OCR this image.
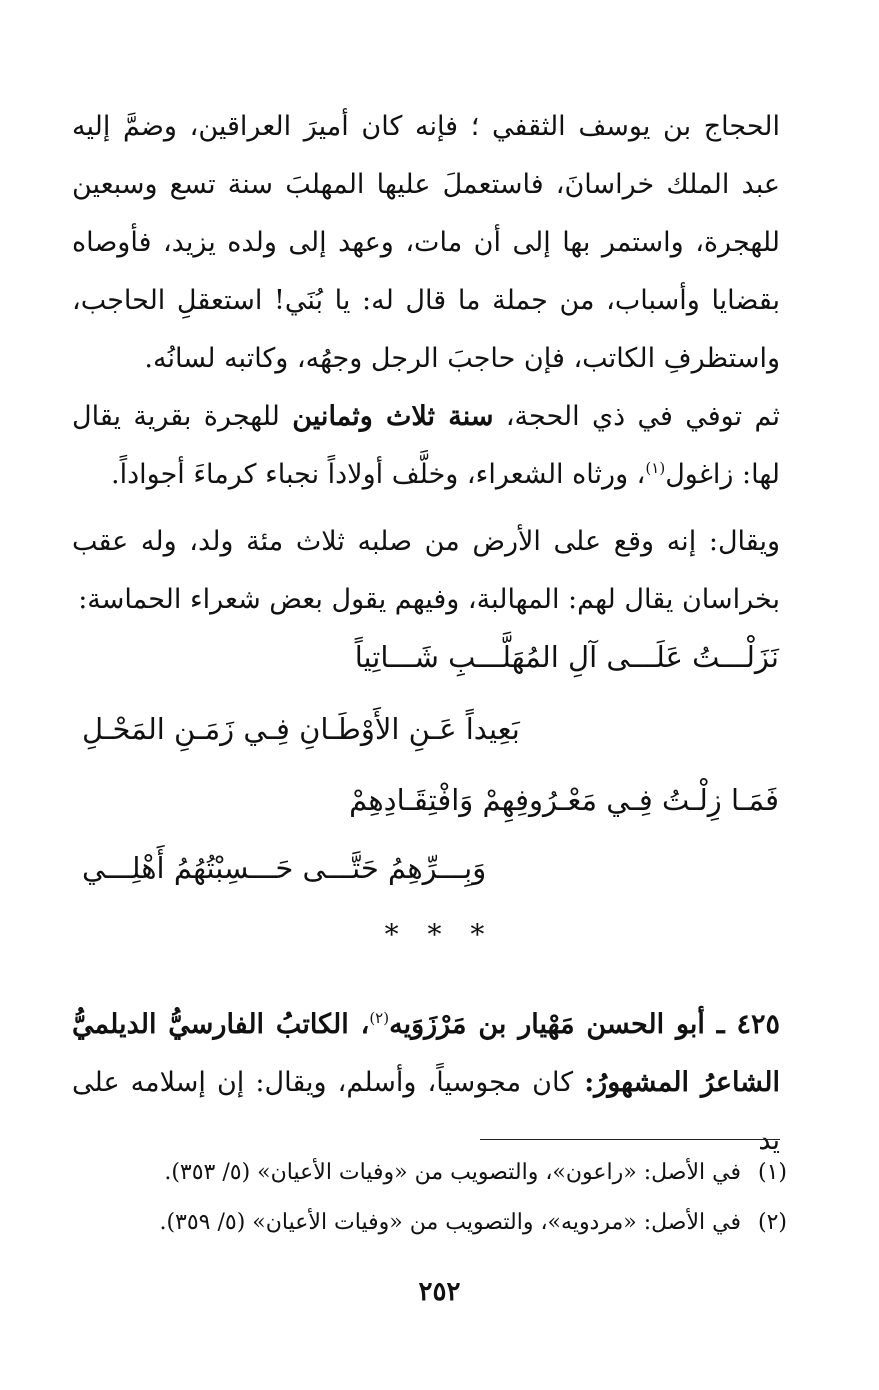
الحجاج بن يوسف الثقفي ؛ فإنه كان أميرَ العراقين، وضمَّ إليه عبد الملك خراسانَ، فاستعملَ عليها المهلبَ سنة تسع وسبعين للهجرة، واستمر بها إلى أن مات، وعهد إلى ولده يزيد، فأوصاه بقضايا وأسباب، من جملة ما قال له: يا بُنَي! استعقلِ الحاجب، واستظرفِ الكاتب، فإن حاجبَ الرجل وجهُه، وكاتبه لسانُه.

ثم توفي في ذي الحجة، سنة ثلاث وثمانين للهجرة بقرية يقال لها: زاغول$^{(١)}$، ورثاه الشعراء، وخلَّف أولاداً نجباء كرماءَ أجواداً.

ويقال: إنه وقع على الأرض من صلبه ثلاث مئة ولد، وله عقب بخراسان يقال لهم: المهالبة، وفيهم يقول بعض شعراء الحماسة:

نَزَلْـــتُ عَلَـــى آلِ المُهَلَّـــبِ شَـــاتِياً

بَعِيداً عَـنِ الأَوْطَـانِ فِـي زَمَـنِ المَحْـلِ

فَمَـا زِلْـتُ فِـي مَعْـرُوفِهِمْ وَافْتِقَـادِهِمْ

وَبِـــرِّهِمُ حَتَّـــى حَـــسِبْتُهُمُ أَهْلِـــي

* * *

٤٢٥ ـ أبو الحسن مَهْيار بن مَرْزَوَيه$^{(٢)}$، الكاتبُ الفارسيُّ الديلميُّ الشاعرُ المشهورُ: كان مجوسياً، وأسلم، ويقال: إن إسلامه على يد

(١)في الأصل: «راعون»، والتصويب من «وفيات الأعيان» (٥/ ٣٥٣).

(٢)في الأصل: «مردويه»، والتصويب من «وفيات الأعيان» (٥/ ٣٥٩).

٢٥٢
